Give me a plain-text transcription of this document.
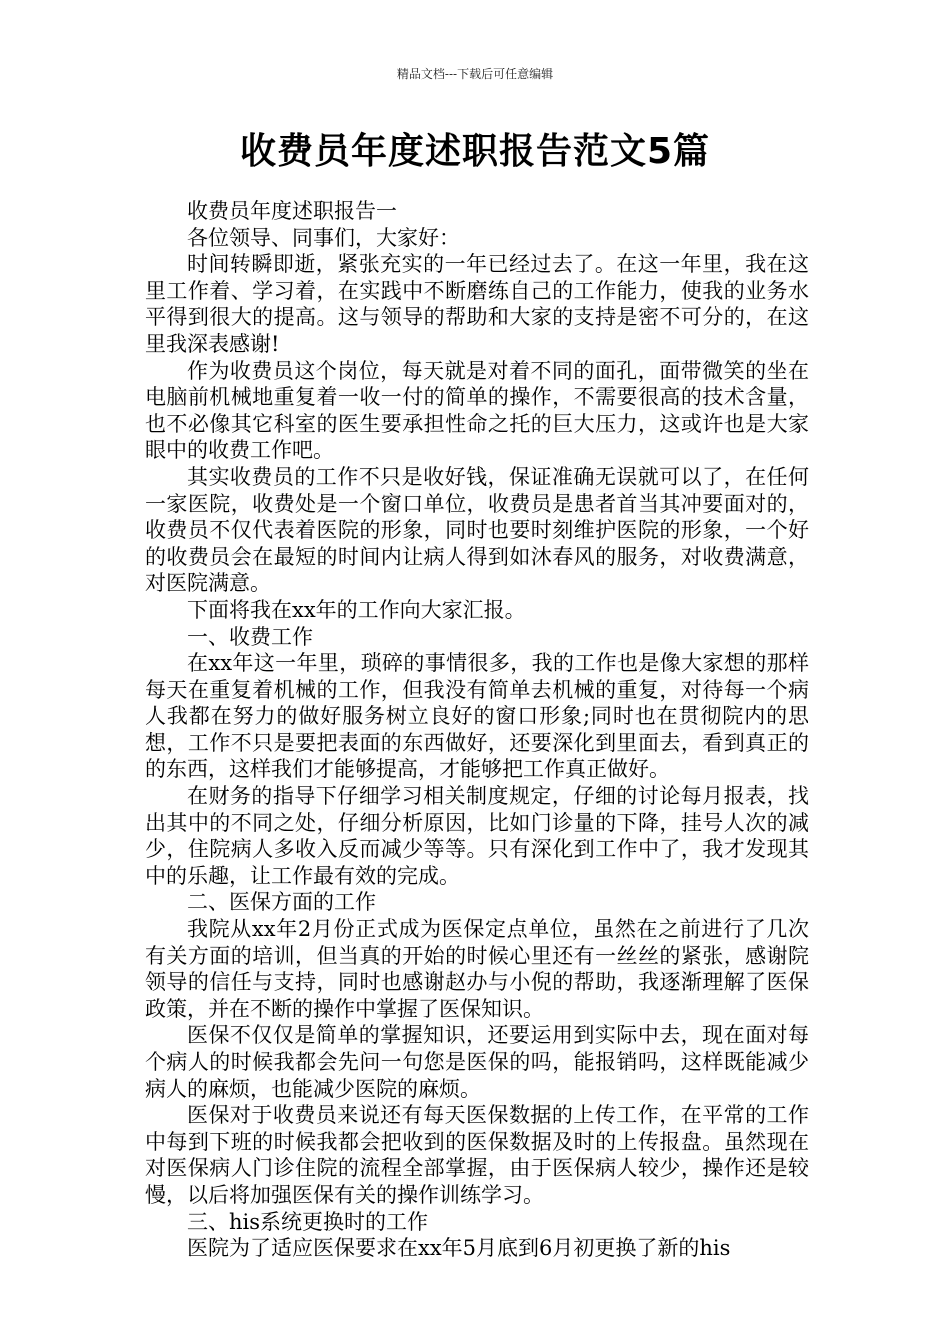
精品文档---下载后可任意编辑
收费员年度述职报告范文5篇

收费员年度述职报告一

各位领导、同事们，大家好：

时间转瞬即逝，紧张充实的一年已经过去了。在这一年里，我在这里工作着、学习着，在实践中不断磨练自己的工作能力，使我的业务水平得到很大的提高。这与领导的帮助和大家的支持是密不可分的，在这里我深表感谢!

作为收费员这个岗位，每天就是对着不同的面孔，面带微笑的坐在电脑前机械地重复着一收一付的简单的操作，不需要很高的技术含量，也不必像其它科室的医生要承担性命之托的巨大压力，这或许也是大家眼中的收费工作吧。

其实收费员的工作不只是收好钱，保证准确无误就可以了，在任何一家医院，收费处是一个窗口单位，收费员是患者首当其冲要面对的，收费员不仅代表着医院的形象，同时也要时刻维护医院的形象，一个好的收费员会在最短的时间内让病人得到如沐春风的服务，对收费满意，对医院满意。

下面将我在xx年的工作向大家汇报。

一、收费工作

在xx年这一年里，琐碎的事情很多，我的工作也是像大家想的那样每天在重复着机械的工作，但我没有简单去机械的重复，对待每一个病人我都在努力的做好服务树立良好的窗口形象;同时也在贯彻院内的思想，工作不只是要把表面的东西做好，还要深化到里面去，看到真正的的东西，这样我们才能够提高，才能够把工作真正做好。

在财务的指导下仔细学习相关制度规定，仔细的讨论每月报表，找出其中的不同之处，仔细分析原因，比如门诊量的下降，挂号人次的减少，住院病人多收入反而减少等等。只有深化到工作中了，我才发现其中的乐趣，让工作最有效的完成。

二、医保方面的工作

我院从xx年2月份正式成为医保定点单位，虽然在之前进行了几次有关方面的培训，但当真的开始的时候心里还有一丝丝的紧张，感谢院领导的信任与支持，同时也感谢赵办与小倪的帮助，我逐渐理解了医保政策，并在不断的操作中掌握了医保知识。

医保不仅仅是简单的掌握知识，还要运用到实际中去，现在面对每个病人的时候我都会先问一句您是医保的吗，能报销吗，这样既能减少病人的麻烦，也能减少医院的麻烦。

医保对于收费员来说还有每天医保数据的上传工作，在平常的工作中每到下班的时候我都会把收到的医保数据及时的上传报盘。虽然现在对医保病人门诊住院的流程全部掌握，由于医保病人较少，操作还是较慢，以后将加强医保有关的操作训练学习。

三、his系统更换时的工作

医院为了适应医保要求在xx年5月底到6月初更换了新的his
